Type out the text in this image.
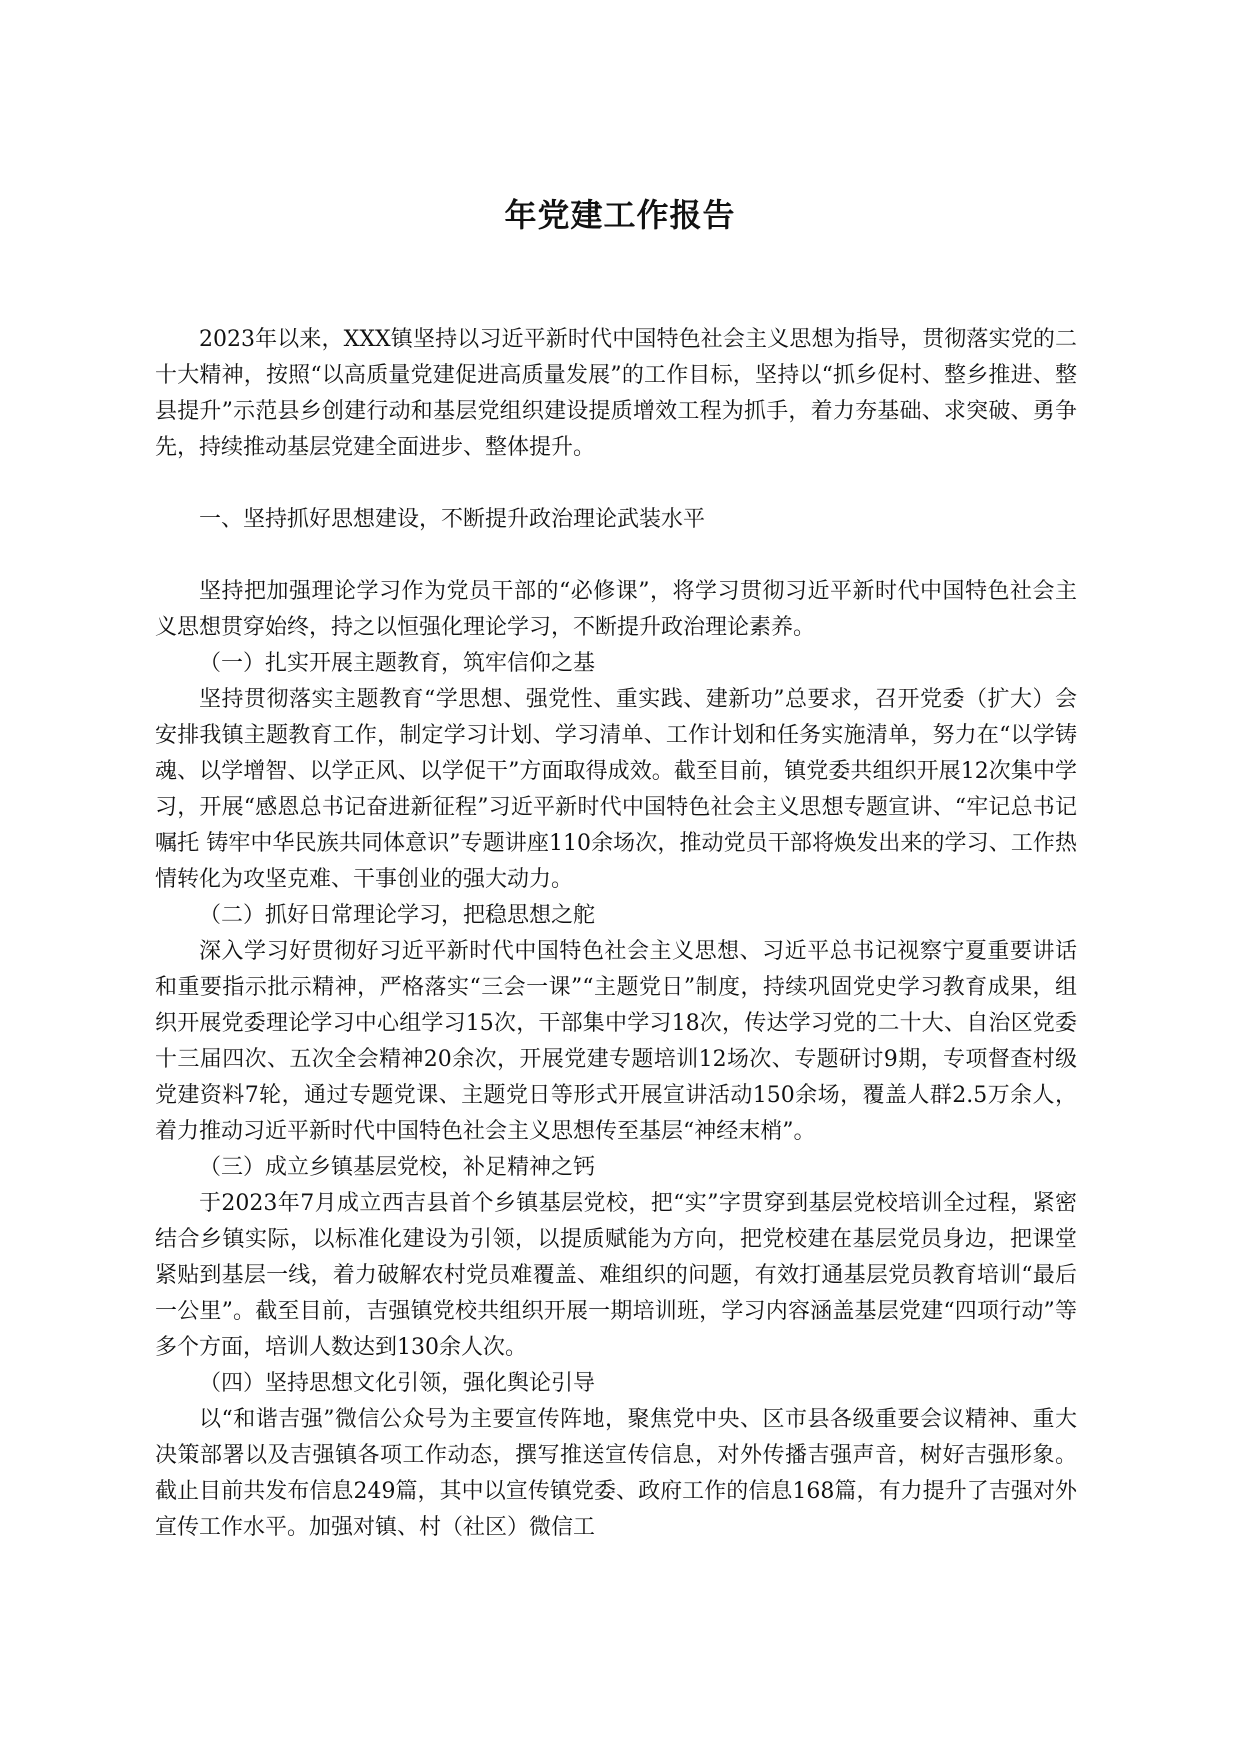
年党建工作报告

2023年以来，XXX镇坚持以习近平新时代中国特色社会主义思想为指导，贯彻落实党的二十大精神，按照“以高质量党建促进高质量发展”的工作目标，坚持以“抓乡促村、整乡推进、整县提升”示范县乡创建行动和基层党组织建设提质增效工程为抓手，着力夯基础、求突破、勇争先，持续推动基层党建全面进步、整体提升。

一、坚持抓好思想建设，不断提升政治理论武装水平

坚持把加强理论学习作为党员干部的“必修课”，将学习贯彻习近平新时代中国特色社会主义思想贯穿始终，持之以恒强化理论学习，不断提升政治理论素养。

（一）扎实开展主题教育，筑牢信仰之基

坚持贯彻落实主题教育“学思想、强党性、重实践、建新功”总要求，召开党委（扩大）会安排我镇主题教育工作，制定学习计划、学习清单、工作计划和任务实施清单，努力在“以学铸魂、以学增智、以学正风、以学促干”方面取得成效。截至目前，镇党委共组织开展12次集中学习，开展“感恩总书记奋进新征程”习近平新时代中国特色社会主义思想专题宣讲、“牢记总书记嘱托 铸牢中华民族共同体意识”专题讲座110余场次，推动党员干部将焕发出来的学习、工作热情转化为攻坚克难、干事创业的强大动力。

（二）抓好日常理论学习，把稳思想之舵

深入学习好贯彻好习近平新时代中国特色社会主义思想、习近平总书记视察宁夏重要讲话和重要指示批示精神，严格落实“三会一课”“主题党日”制度，持续巩固党史学习教育成果，组织开展党委理论学习中心组学习15次，干部集中学习18次，传达学习党的二十大、自治区党委十三届四次、五次全会精神20余次，开展党建专题培训12场次、专题研讨9期，专项督查村级党建资料7轮，通过专题党课、主题党日等形式开展宣讲活动150余场，覆盖人群2.5万余人，着力推动习近平新时代中国特色社会主义思想传至基层“神经末梢”。

（三）成立乡镇基层党校，补足精神之钙

于2023年7月成立西吉县首个乡镇基层党校，把“实”字贯穿到基层党校培训全过程，紧密结合乡镇实际，以标准化建设为引领，以提质赋能为方向，把党校建在基层党员身边，把课堂紧贴到基层一线，着力破解农村党员难覆盖、难组织的问题，有效打通基层党员教育培训“最后一公里”。截至目前，吉强镇党校共组织开展一期培训班，学习内容涵盖基层党建“四项行动”等多个方面，培训人数达到130余人次。

（四）坚持思想文化引领，强化舆论引导

以“和谐吉强”微信公众号为主要宣传阵地，聚焦党中央、区市县各级重要会议精神、重大决策部署以及吉强镇各项工作动态，撰写推送宣传信息，对外传播吉强声音，树好吉强形象。截止目前共发布信息249篇，其中以宣传镇党委、政府工作的信息168篇，有力提升了吉强对外宣传工作水平。加强对镇、村（社区）微信工
